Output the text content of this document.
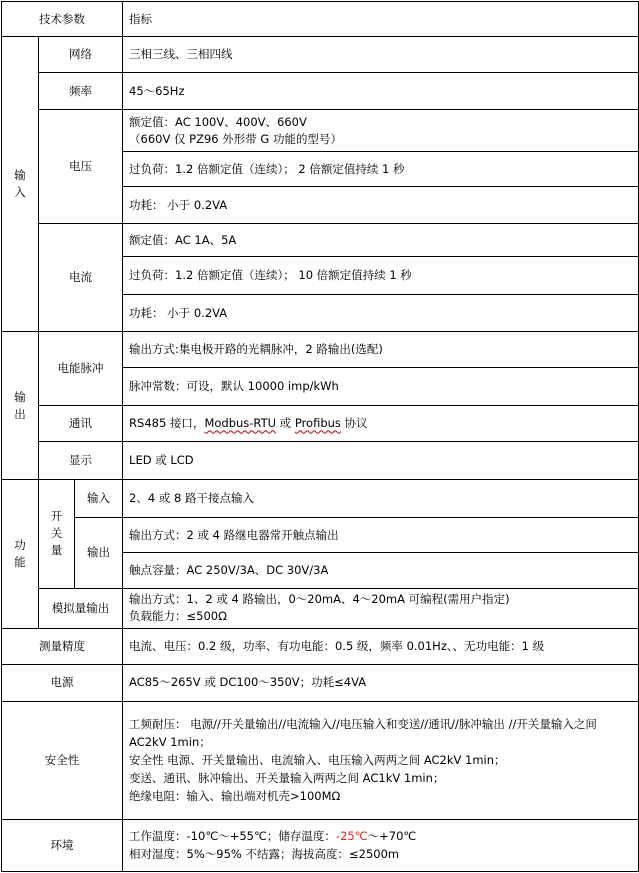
技术参数			指标

输
入	网络		三相三线、三相四线
	频率		45～65Hz
	电压		额定值：AC 100V、400V、660V
（660V 仅 PZ96 外形带 G 功能的型号）

			过负荷：1.2 倍额定值（连续）； 2 倍额定值持续 1 秒
			功耗： 小于 0.2VA
	电流		额定值：AC 1A、5A
			过负荷：1.2 倍额定值（连续）； 10 倍额定值持续 1 秒
			功耗： 小于 0.2VA

输
出	电能脉冲		输出方式:集电极开路的光耦脉冲，2 路输出(选配)
			脉冲常数：可设，默认 10000 imp/kWh
	通讯		RS485 接口，Modbus-RTU 或 Profibus 协议
	显示		LED 或 LCD

功
能	开
关
量	输入	2、4 或 8 路干接点输入
		输出	输出方式：2 或 4 路继电器常开触点输出
			触点容量：AC 250V/3A、DC 30V/3A
	模拟量输出		输出方式：1、2 或 4 路输出，0～20mA、4～20mA 可编程(需用户指定)
负载能力：≤500Ω

测量精度			电流、电压：0.2 级，功率、有功电能：0.5 级，频率 0.01Hz、、无功电能：1 级
电源			AC85～265V 或 DC100～350V；功耗≤4VA
安全性			工频耐压： 电源//开关量输出//电流输入//电压输入和变送//通讯//脉冲输出 //开关量输入之间 AC2kV 1min；
安全性 电源、开关量输出、电流输入、电压输入两两之间 AC2kV 1min；
变送、通讯、脉冲输出、开关量输入两两之间 AC1kV 1min；
绝缘电阻：输入、输出端对机壳>100MΩ

环境			工作温度：-10℃～+55℃；储存温度：-25℃～+70℃
相对湿度：5%～95% 不结露；海拔高度：≤2500m
